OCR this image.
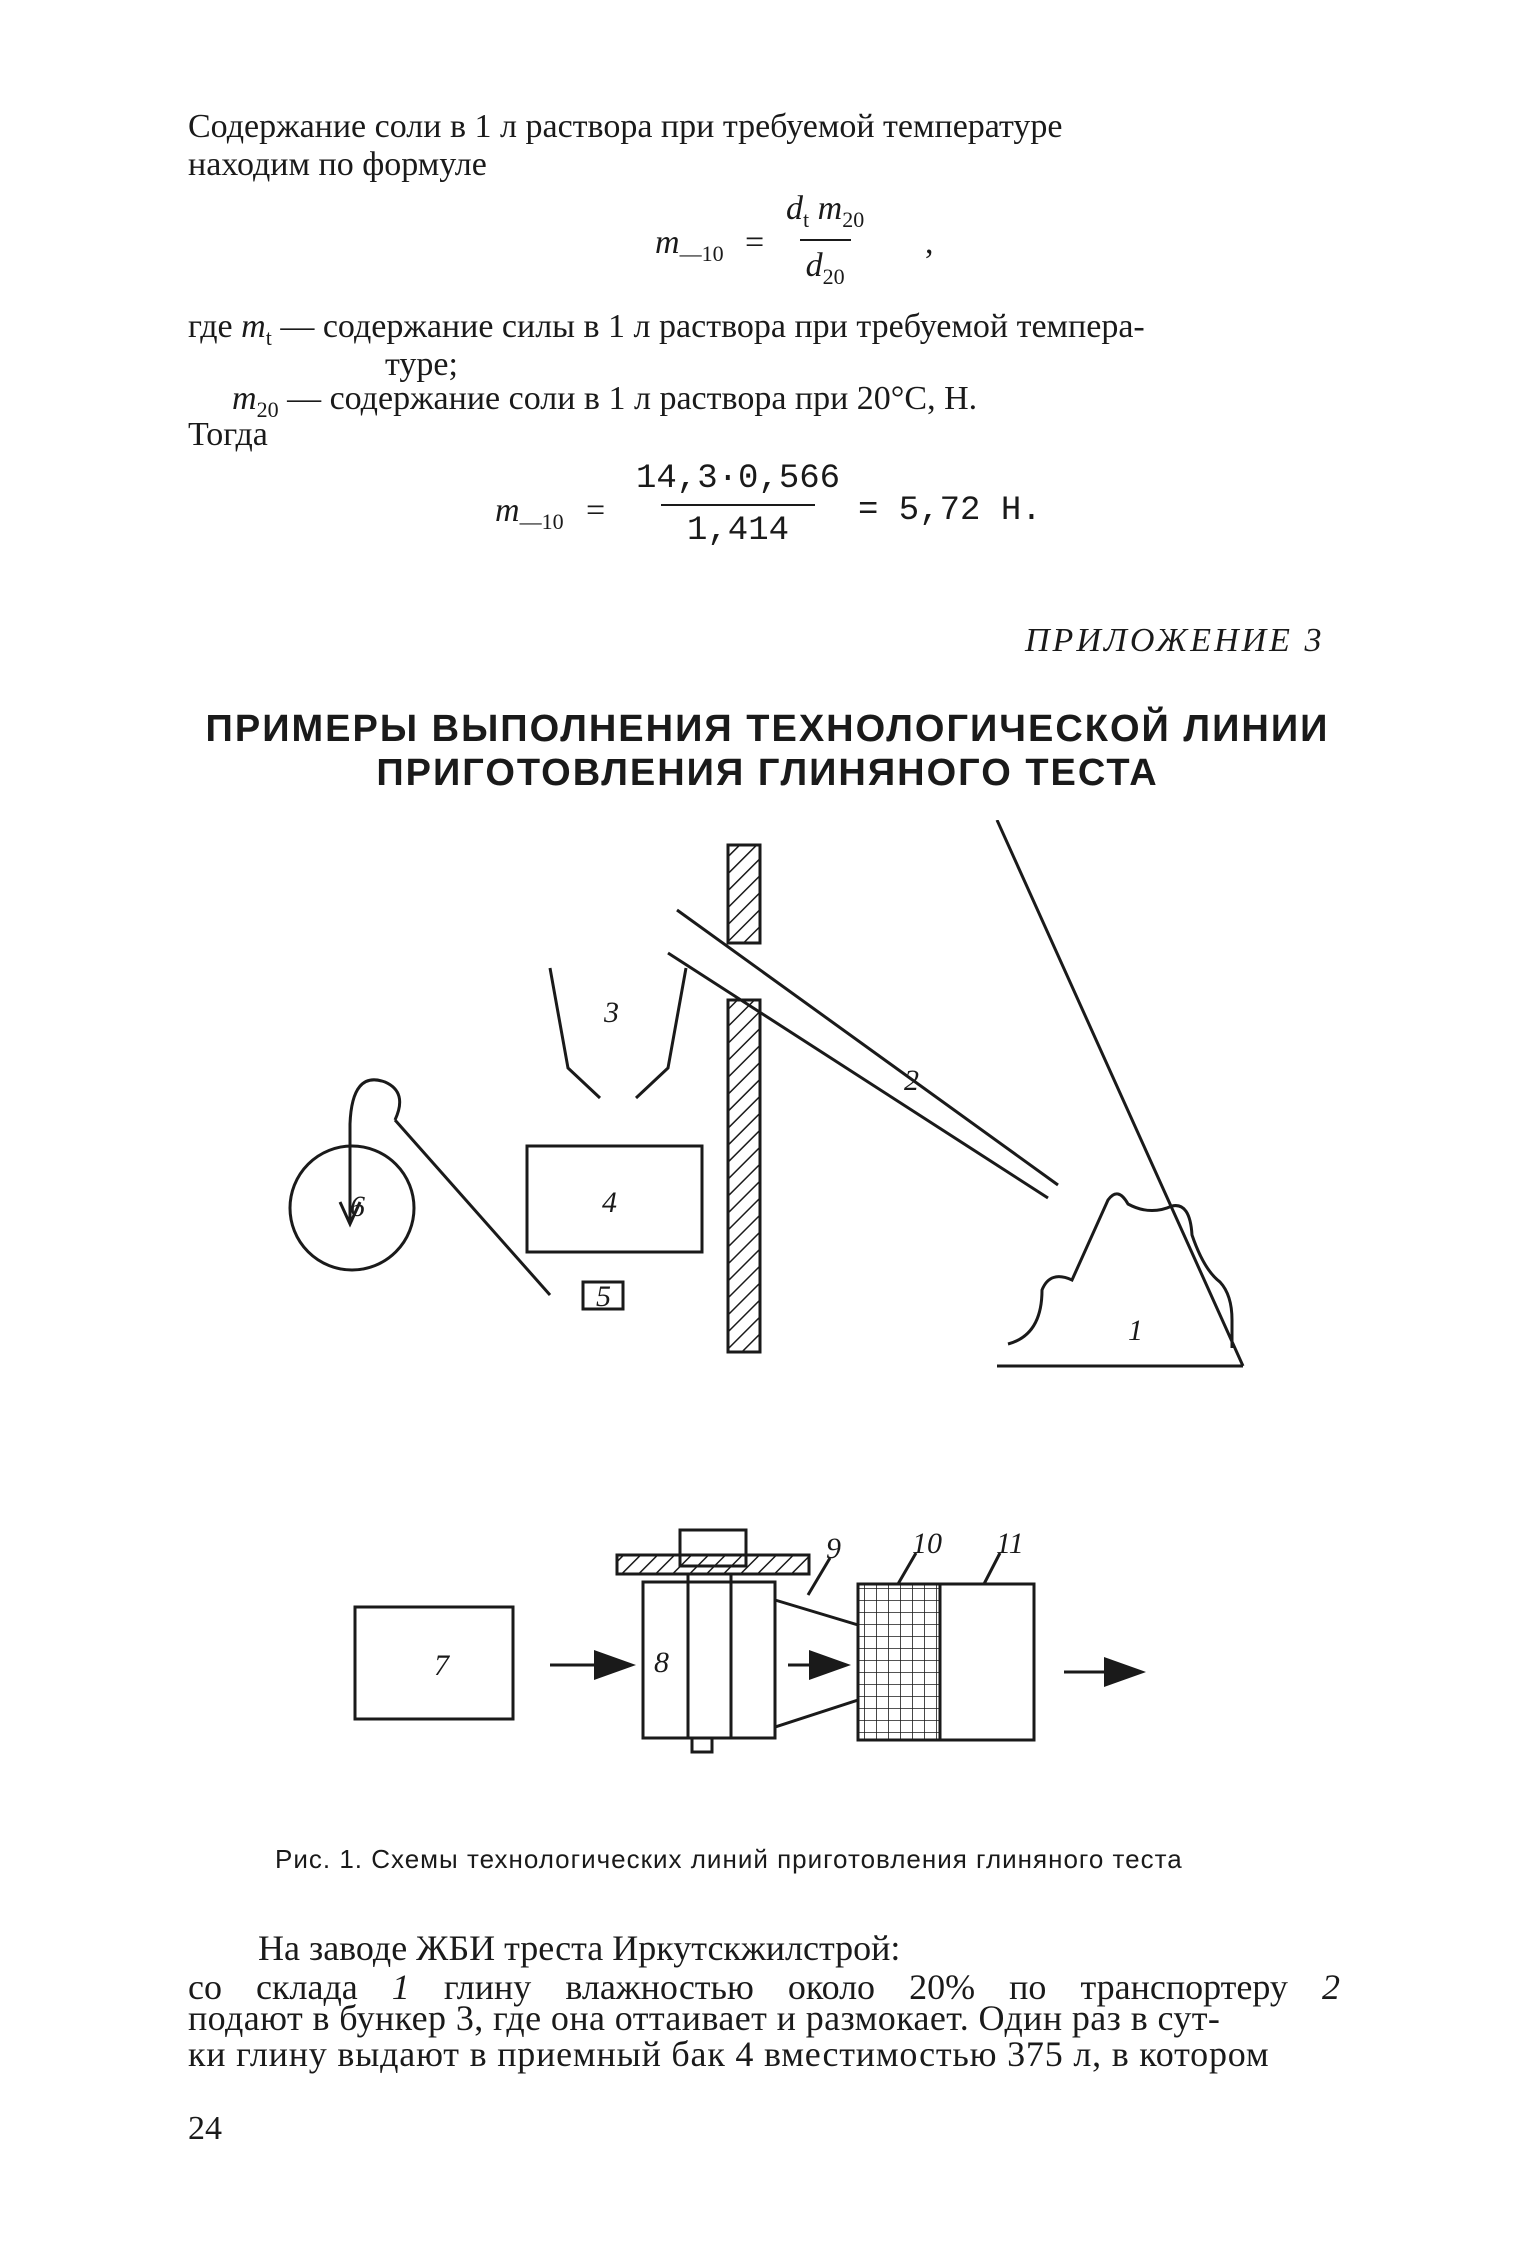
Содержание соли в 1 л раствора при требуемой температуре
находим по формуле
$m_{—10} = \frac{d_t m_{20}}{d_{20}}$ ,
где $m_t$ — содержание силы в 1 л раствора при требуемой темпера-
туре;
$m_{20}$ — содержание соли в 1 л раствора при 20°С, Н.
Тогда
$m_{—10} = \frac{14,3\cdot 0,566}{1,414} = 5,72$ Н.
ПРИЛОЖЕНИЕ 3
ПРИМЕРЫ ВЫПОЛНЕНИЯ ТЕХНОЛОГИЧЕСКОЙ ЛИНИИ
ПРИГОТОВЛЕНИЯ ГЛИНЯНОГО ТЕСТА
1
2
3
4
5
6
7	8
9 10 11
Рис. 1. Схемы технологических линий приготовления глиняного теста
На заводе ЖБИ треста Иркутскжилстрой:
со склада 1 глину влажностью около 20% по транспортеру 2
подают в бункер 3, где она оттаивает и размокает. Один раз в сут-
ки глину выдают в приемный бак 4 вместимостью 375 л, в котором
24
